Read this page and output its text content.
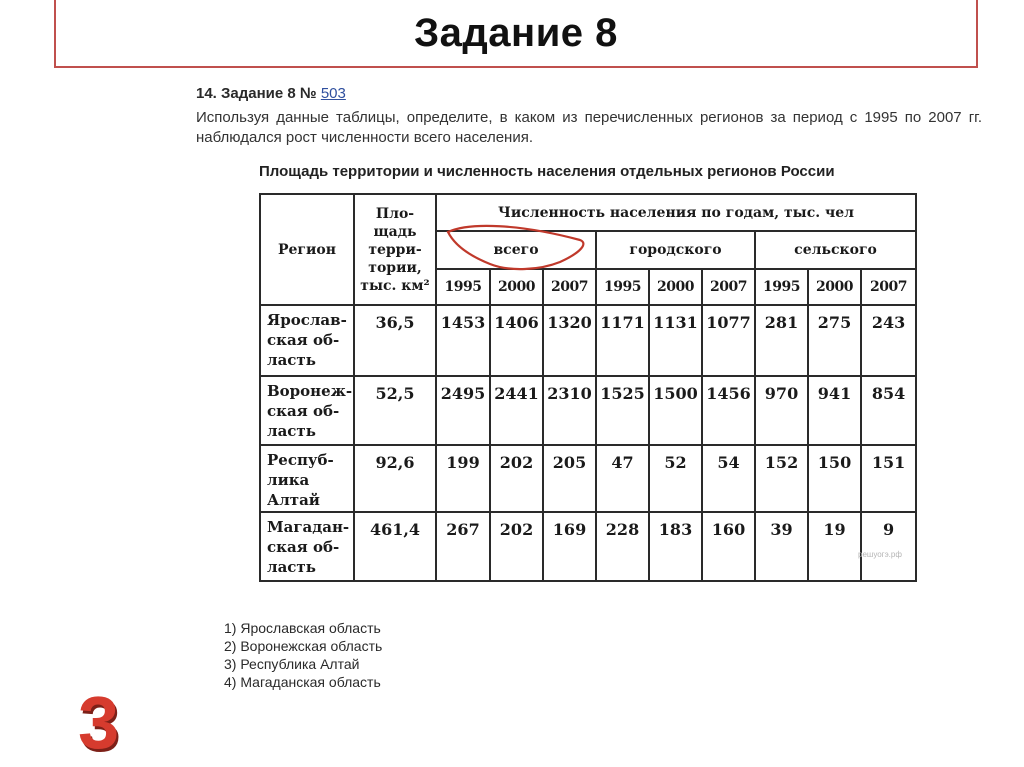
Задание 8
14. Задание 8 № 503
Используя данные таблицы, определите, в каком из перечисленных регионов за период с 1995 по 2007 гг. наблюдался рост численности всего населения.
Площадь территории и численность населения отдельных регионов России
Регион	Пло-щадь терри-тории, тыс. км²	Численность населения по годам, тыс. чел								
		всего			городского			сельского		
		1995	2000	2007	1995	2000	2007	1995	2000	2007
Ярослав-ская об-ласть	36,5	1453	1406	1320	1171	1131	1077	281	275	243
Воронеж-ская об-ласть	52,5	2495	2441	2310	1525	1500	1456	970	941	854
Респуб-лика Алтай	92,6	199	202	205	47	52	54	152	150	151
Магадан-ская об-ласть	461,4	267	202	169	228	183	160	39	19	9
решуогэ.рф
1) Ярославская область
2) Воронежская область
3) Республика Алтай
4) Магаданская область
3
